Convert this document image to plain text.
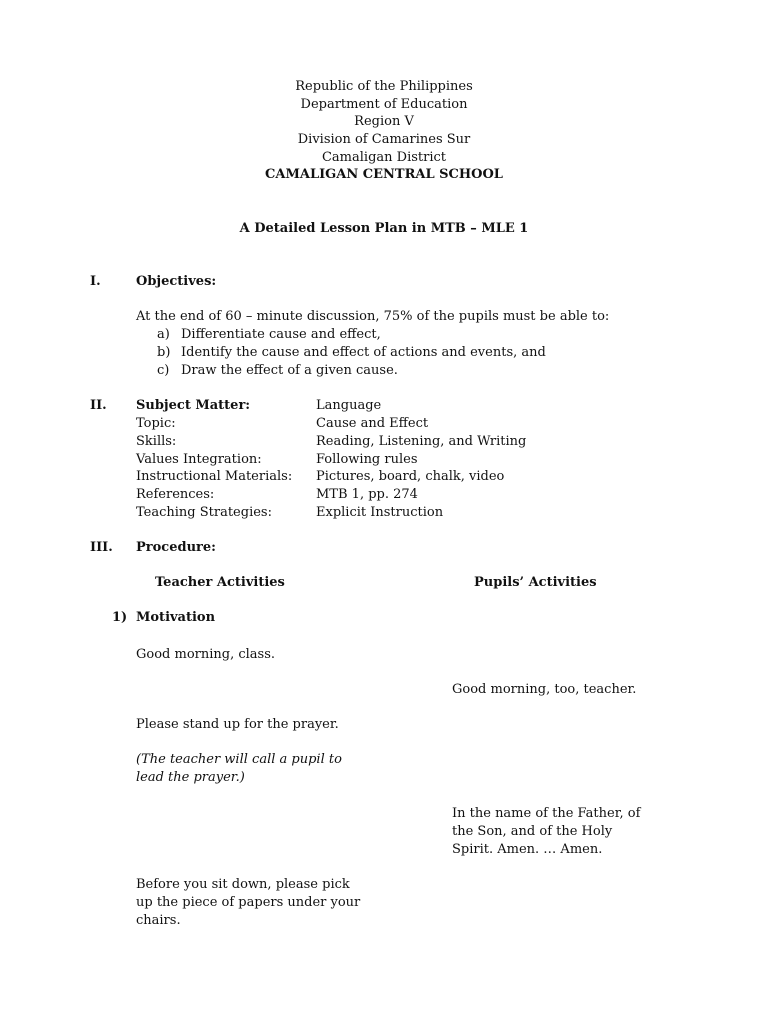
Republic of the Philippines
Department of Education
Region V
Division of Camarines Sur
Camaligan District
CAMALIGAN CENTRAL SCHOOL
A Detailed Lesson Plan in MTB – MLE 1
I.	Objectives:
At the end of 60 – minute discussion, 75% of the pupils must be able to:
a) Differentiate cause and effect,
b) Identify the cause and effect of actions and events, and
c) Draw the effect of a given cause.
II. Subject Matter:	Language
Topic:	Cause and Effect
Skills:	Reading, Listening, and Writing
Values Integration:	Following rules
Instructional Materials: Pictures, board, chalk, video
References:	MTB 1, pp. 274
Teaching Strategies:	Explicit Instruction
III. Procedure:
Teacher Activities	Pupils’ Activities
1) Motivation
Good morning, class.
Good morning, too, teacher.
Please stand up for the prayer.
(The teacher will call a pupil to
lead the prayer.)
In the name of the Father, of
the Son, and of the Holy
Spirit. Amen. … Amen.
Before you sit down, please pick
up the piece of papers under your
chairs.
